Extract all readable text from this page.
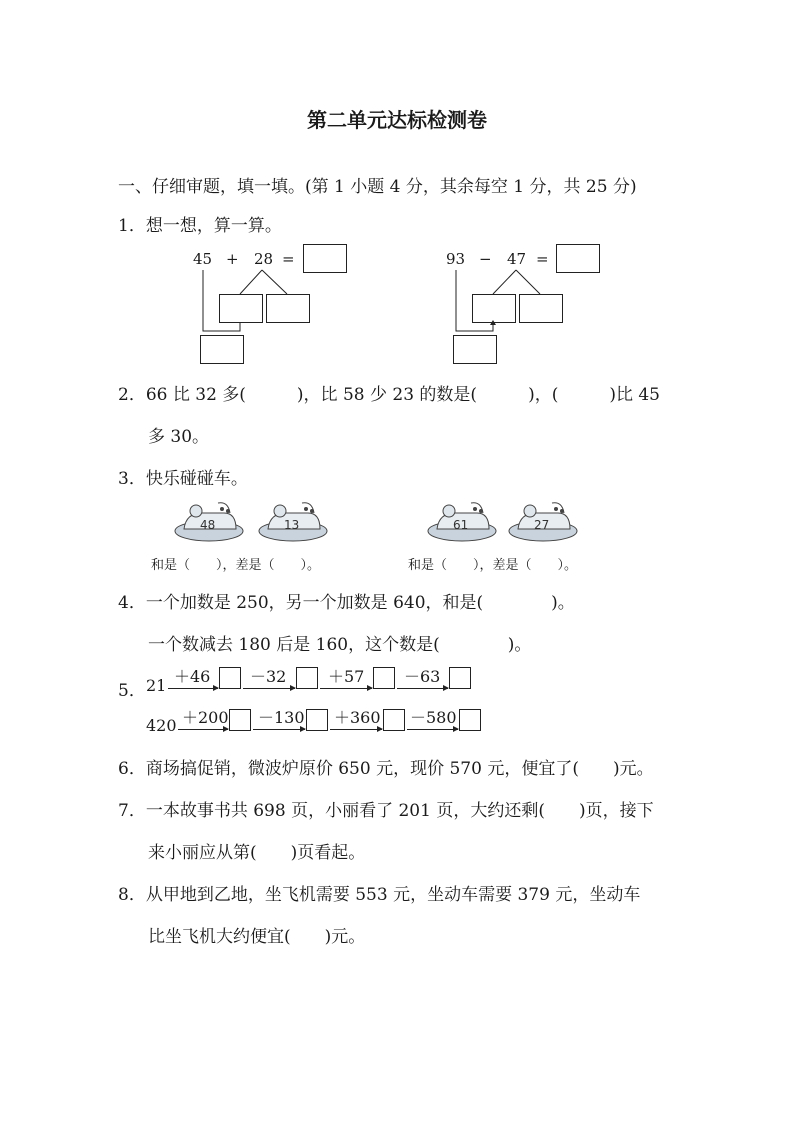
第二单元达标检测卷
一、仔细审题，填一填。(第 1 小题 4 分，其余每空 1 分，共 25 分)
1．想一想，算一算。
45 + 28 =	93 − 47 =
2．66 比 32 多(　　　)，比 58 少 23 的数是(　　　)，(　　　)比 45
多 30。
3．快乐碰碰车。
48	13	61	27
和是（　　），差是（　　）。	和是（　　），差是（　　）。
4．一个加数是 250，另一个加数是 640，和是(　　　　)。
一个数减去 180 后是 160，这个数是(　　　　)。
5． 21 ＋46 －32	＋57 －63
420 ＋200 －130 ＋360 －580
6．商场搞促销，微波炉原价 650 元，现价 570 元，便宜了(　　)元。
7．一本故事书共 698 页，小丽看了 201 页，大约还剩(　　)页，接下
来小丽应从第(　　)页看起。
8．从甲地到乙地，坐飞机需要 553 元，坐动车需要 379 元，坐动车
比坐飞机大约便宜(　　)元。
